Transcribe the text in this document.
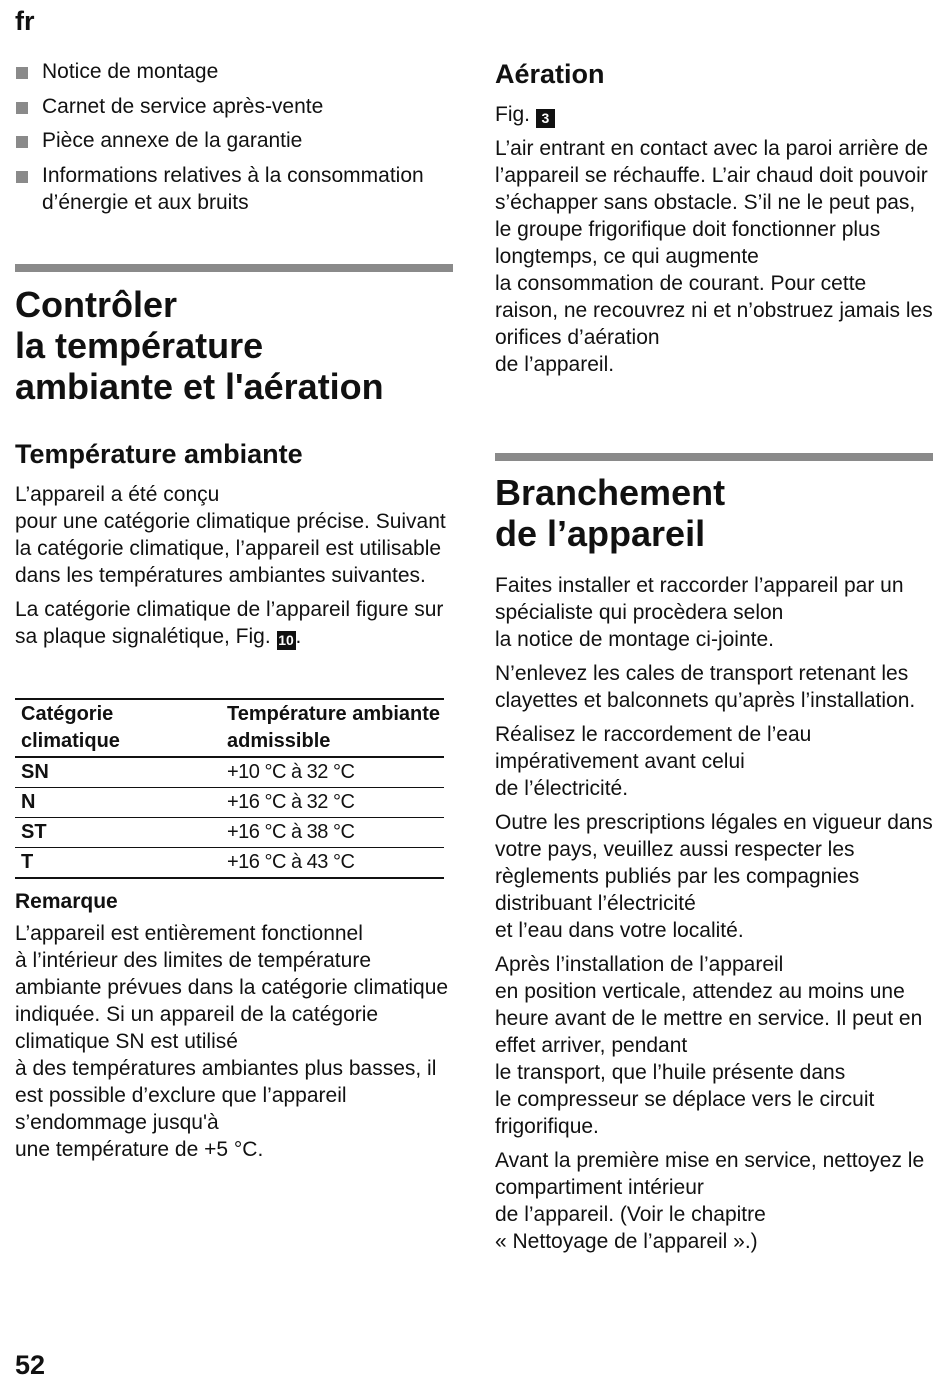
fr
Notice de montage
Carnet de service après-vente
Pièce annexe de la garantie
Informations relatives à la consommation d’énergie et aux bruits
Contrôler
la température
ambiante et l'aération
Température ambiante

L’appareil a été conçu
pour une catégorie climatique précise. Suivant la catégorie climatique, l’appareil est utilisable dans les températures ambiantes suivantes.

La catégorie climatique de l’appareil figure sur sa plaque signalétique, Fig. 10.

Catégorie
climatique	Température ambiante
admissible
SN	+10 °C à 32 °C
N	+16 °C à 32 °C
ST	+16 °C à 38 °C
T	+16 °C à 43 °C
Remarque

L’appareil est entièrement fonctionnel
à l’intérieur des limites de température ambiante prévues dans la catégorie climatique indiquée. Si un appareil de la catégorie climatique SN est utilisé
à des températures ambiantes plus basses, il est possible d’exclure que l’appareil s’endommage jusqu'à
une température de +5 °C.

Aération

Fig. 3

L’air entrant en contact avec la paroi arrière de l’appareil se réchauffe. L’air chaud doit pouvoir s’échapper sans obstacle. S’il ne le peut pas, le groupe frigorifique doit fonctionner plus longtemps, ce qui augmente
la consommation de courant. Pour cette raison, ne recouvrez ni et n’obstruez jamais les orifices d’aération
de l’appareil.

Branchement
de l’appareil

Faites installer et raccorder l’appareil par un spécialiste qui procèdera selon
la notice de montage ci-jointe.

N’enlevez les cales de transport retenant les clayettes et balconnets qu’après l’installation.

Réalisez le raccordement de l’eau impérativement avant celui
de l’électricité.

Outre les prescriptions légales en vigueur dans votre pays, veuillez aussi respecter les règlements publiés par les compagnies distribuant l’électricité
et l’eau dans votre localité.

Après l’installation de l’appareil
en position verticale, attendez au moins une heure avant de le mettre en service. Il peut en effet arriver, pendant
le transport, que l’huile présente dans
le compresseur se déplace vers le circuit frigorifique.

Avant la première mise en service, nettoyez le compartiment intérieur
de l’appareil. (Voir le chapitre
« Nettoyage de l’appareil ».)

52
